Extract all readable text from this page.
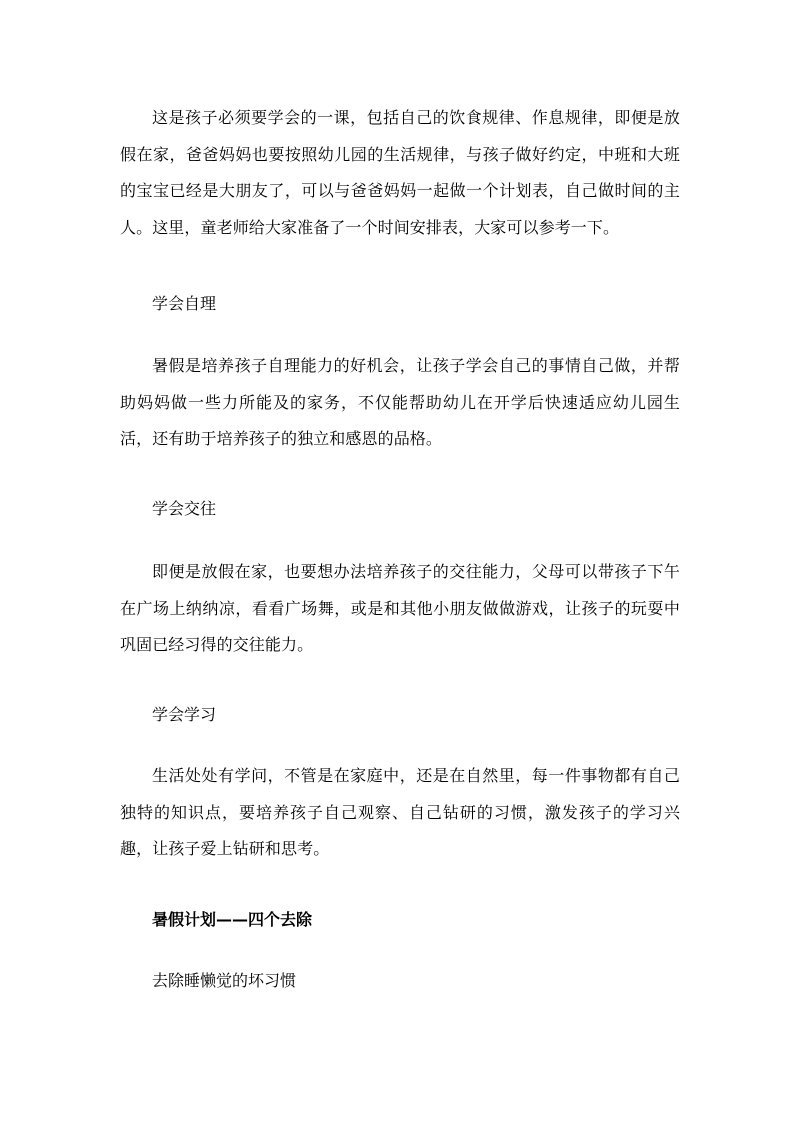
这是孩子必须要学会的一课，包括自己的饮食规律、作息规律，即便是放假在家，爸爸妈妈也要按照幼儿园的生活规律，与孩子做好约定，中班和大班的宝宝已经是大朋友了，可以与爸爸妈妈一起做一个计划表，自己做时间的主人。这里，童老师给大家准备了一个时间安排表，大家可以参考一下。

学会自理

暑假是培养孩子自理能力的好机会，让孩子学会自己的事情自己做，并帮助妈妈做一些力所能及的家务，不仅能帮助幼儿在开学后快速适应幼儿园生活，还有助于培养孩子的独立和感恩的品格。

学会交往

即便是放假在家，也要想办法培养孩子的交往能力，父母可以带孩子下午在广场上纳纳凉，看看广场舞，或是和其他小朋友做做游戏，让孩子的玩耍中巩固已经习得的交往能力。

学会学习

生活处处有学问，不管是在家庭中，还是在自然里，每一件事物都有自己独特的知识点，要培养孩子自己观察、自己钻研的习惯，激发孩子的学习兴趣，让孩子爱上钻研和思考。

暑假计划——四个去除

去除睡懒觉的坏习惯
